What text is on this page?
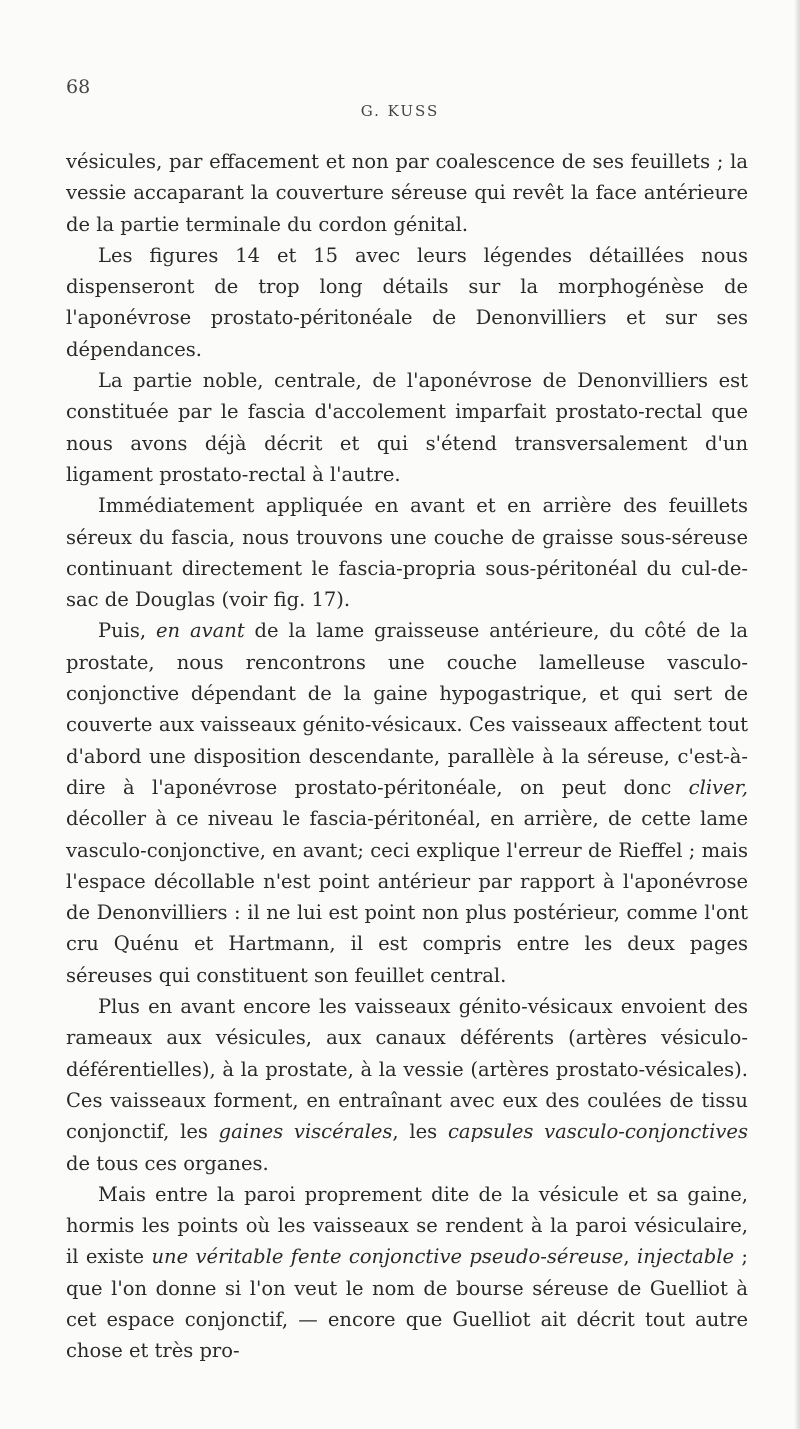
68
G. KUSS

vésicules, par effacement et non par coalescence de ses feuillets ; la vessie accaparant la couverture séreuse qui revêt la face antérieure de la partie terminale du cordon génital.

Les figures 14 et 15 avec leurs légendes détaillées nous dispenseront de trop long détails sur la morphogénèse de l'aponévrose prostato-péritonéale de Denonvilliers et sur ses dépendances.

La partie noble, centrale, de l'aponévrose de Denonvilliers est constituée par le fascia d'accolement imparfait prostato-rectal que nous avons déjà décrit et qui s'étend transversalement d'un ligament prostato-rectal à l'autre.

Immédiatement appliquée en avant et en arrière des feuillets séreux du fascia, nous trouvons une couche de graisse sous-séreuse continuant directement le fascia-propria sous-péritonéal du cul-de-sac de Douglas (voir fig. 17).

Puis, en avant de la lame graisseuse antérieure, du côté de la prostate, nous rencontrons une couche lamelleuse vasculo-conjonctive dépendant de la gaine hypogastrique, et qui sert de couverte aux vaisseaux génito-vésicaux. Ces vaisseaux affectent tout d'abord une disposition descendante, parallèle à la séreuse, c'est-à-dire à l'aponévrose prostato-péritonéale, on peut donc cliver, décoller à ce niveau le fascia-péritonéal, en arrière, de cette lame vasculo-conjonctive, en avant; ceci explique l'erreur de Rieffel ; mais l'espace décollable n'est point antérieur par rapport à l'aponévrose de Denonvilliers : il ne lui est point non plus postérieur, comme l'ont cru Quénu et Hartmann, il est compris entre les deux pages séreuses qui constituent son feuillet central.

Plus en avant encore les vaisseaux génito-vésicaux envoient des rameaux aux vésicules, aux canaux déférents (artères vésiculo-déférentielles), à la prostate, à la vessie (artères prostato-vésicales). Ces vaisseaux forment, en entraînant avec eux des coulées de tissu conjonctif, les gaines viscérales, les capsules vasculo-conjonctives de tous ces organes.

Mais entre la paroi proprement dite de la vésicule et sa gaine, hormis les points où les vaisseaux se rendent à la paroi vésiculaire, il existe une véritable fente conjonctive pseudo-séreuse, injectable ; que l'on donne si l'on veut le nom de bourse séreuse de Guelliot à cet espace conjonctif, — encore que Guelliot ait décrit tout autre chose et très pro-
